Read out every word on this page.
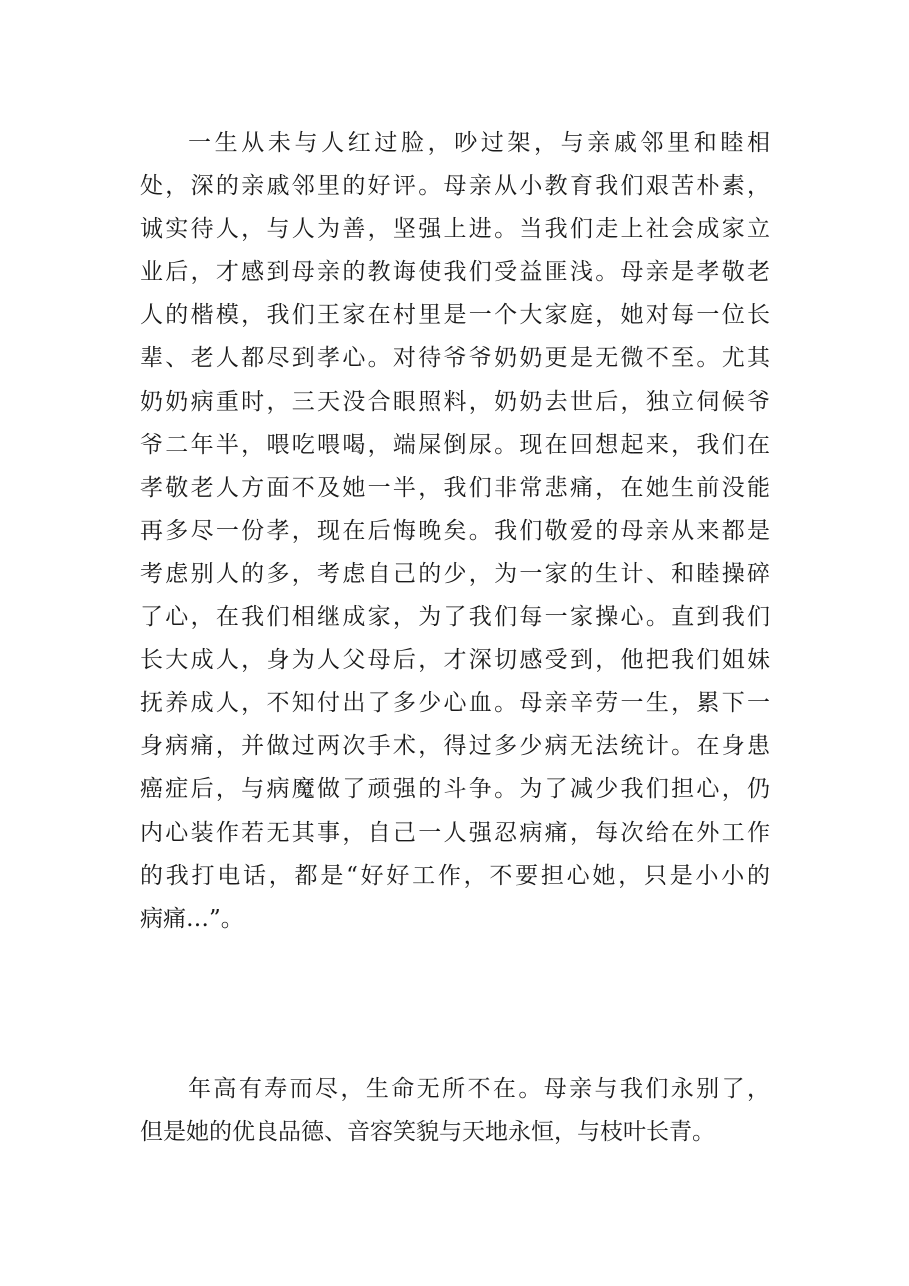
一生从未与人红过脸，吵过架，与亲戚邻里和睦相
处，深的亲戚邻里的好评。母亲从小教育我们艰苦朴素，
诚实待人，与人为善，坚强上进。当我们走上社会成家立
业后，才感到母亲的教诲使我们受益匪浅。母亲是孝敬老
人的楷模，我们王家在村里是一个大家庭，她对每一位长
辈、老人都尽到孝心。对待爷爷奶奶更是无微不至。尤其
奶奶病重时，三天没合眼照料，奶奶去世后，独立伺候爷
爷二年半，喂吃喂喝，端屎倒尿。现在回想起来，我们在
孝敬老人方面不及她一半，我们非常悲痛，在她生前没能
再多尽一份孝，现在后悔晚矣。我们敬爱的母亲从来都是
考虑别人的多，考虑自己的少，为一家的生计、和睦操碎
了心，在我们相继成家，为了我们每一家操心。直到我们
长大成人，身为人父母后，才深切感受到，他把我们姐妹
抚养成人，不知付出了多少心血。母亲辛劳一生，累下一
身病痛，并做过两次手术，得过多少病无法统计。在身患
癌症后，与病魔做了顽强的斗争。为了减少我们担心，仍
内心装作若无其事，自己一人强忍病痛，每次给在外工作
的我打电话，都是“好好工作，不要担心她，只是小小的
病痛…”。
年高有寿而尽，生命无所不在。母亲与我们永别了，
但是她的优良品德、音容笑貌与天地永恒，与枝叶长青。
